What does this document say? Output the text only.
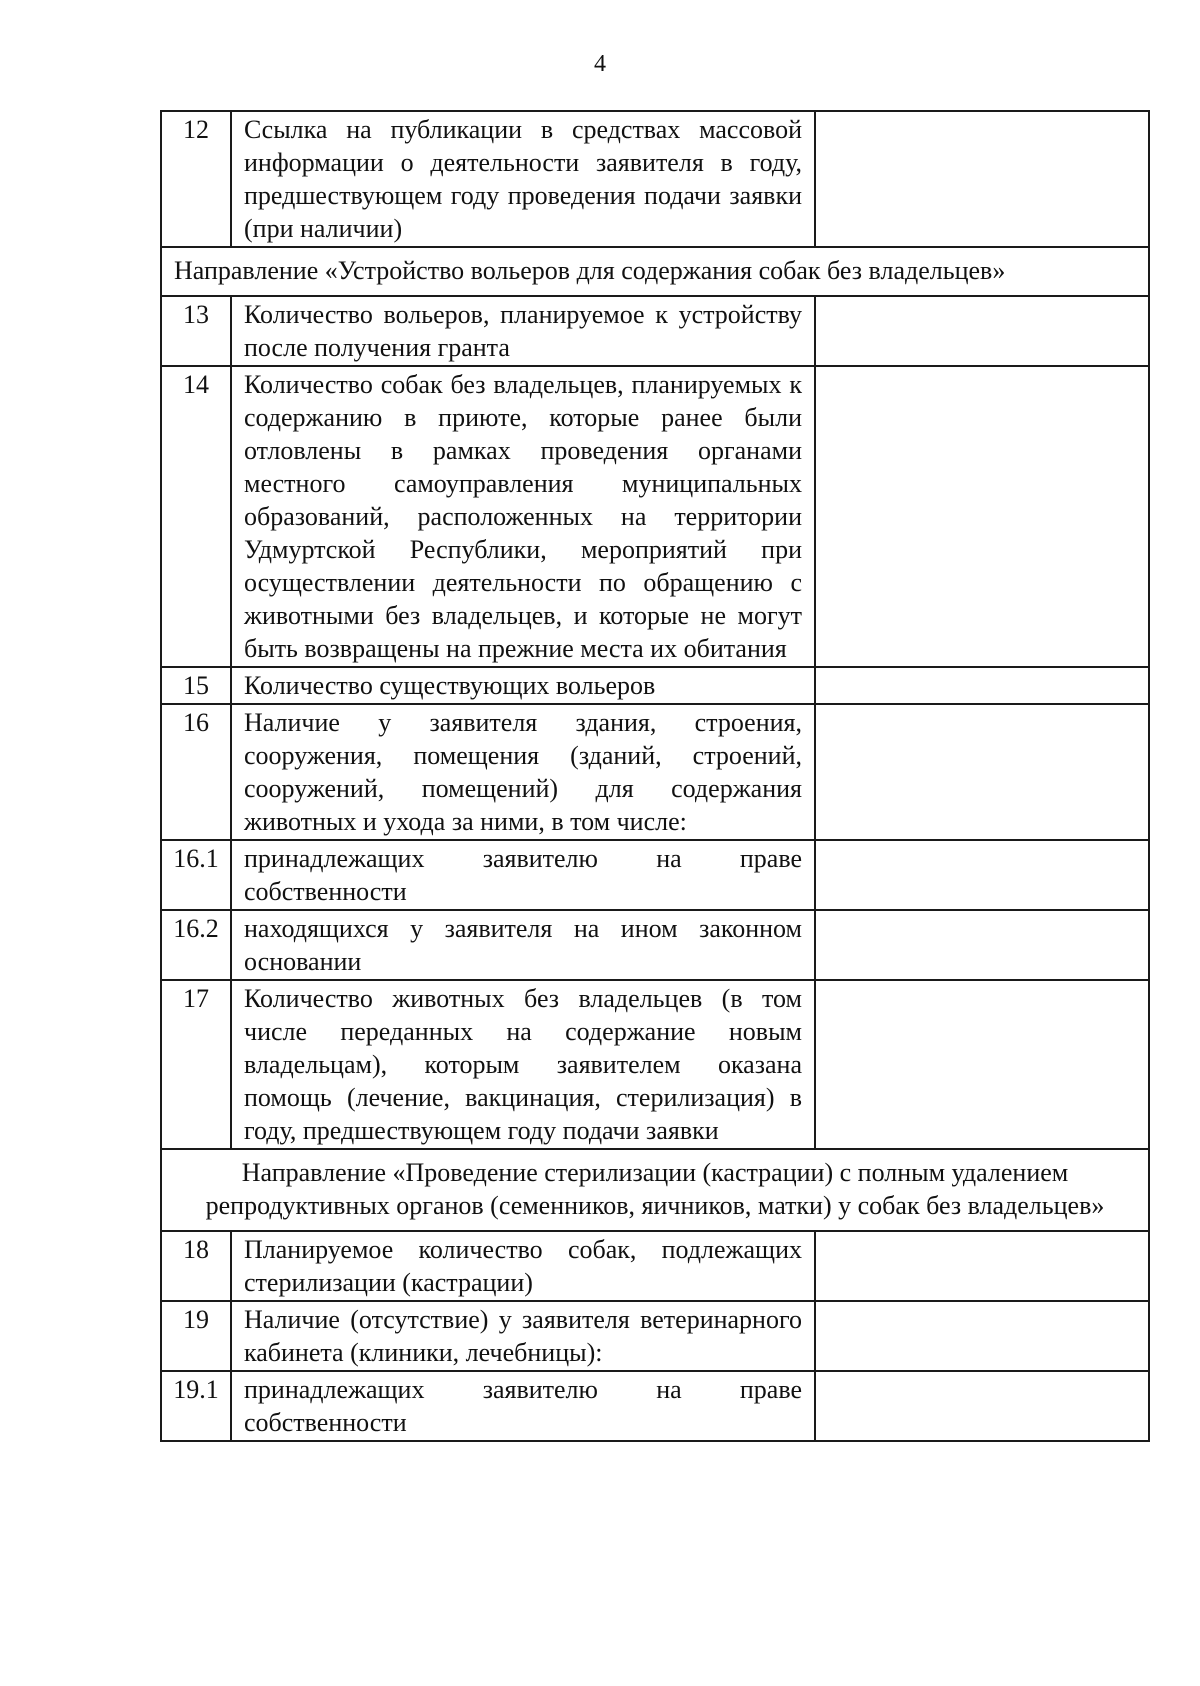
4
12	Ссылка на публикации в средствах массовой информации о деятельности заявителя в году, предшествующем году проведения подачи заявки (при наличии)	
Направление «Устройство вольеров для содержания собак без владельцев»		
13	Количество вольеров, планируемое к устройству после получения гранта	
14	Количество собак без владельцев, планируемых к содержанию в приюте, которые ранее были отловлены в рамках проведения органами местного самоуправления муниципальных образований, расположенных на территории Удмуртской Республики, мероприятий при осуществлении деятельности по обращению с животными без владельцев, и которые не могут быть возвращены на прежние места их обитания	
15	Количество существующих вольеров	
16	Наличие у заявителя здания, строения, сооружения, помещения (зданий, строений, сооружений, помещений) для содержания животных и ухода за ними, в том числе:	
16.1	принадлежащих заявителю на праве собственности	
16.2	находящихся у заявителя на ином законном основании	
17	Количество животных без владельцев (в том числе переданных на содержание новым владельцам), которым заявителем оказана помощь (лечение, вакцинация, стерилизация) в году, предшествующем году подачи заявки	
Направление «Проведение стерилизации (кастрации) с полным удалением репродуктивных органов (семенников, яичников, матки) у собак без владельцев»		
18	Планируемое количество собак, подлежащих стерилизации (кастрации)	
19	Наличие (отсутствие) у заявителя ветеринарного кабинета (клиники, лечебницы):	
19.1	принадлежащих заявителю на праве собственности	
